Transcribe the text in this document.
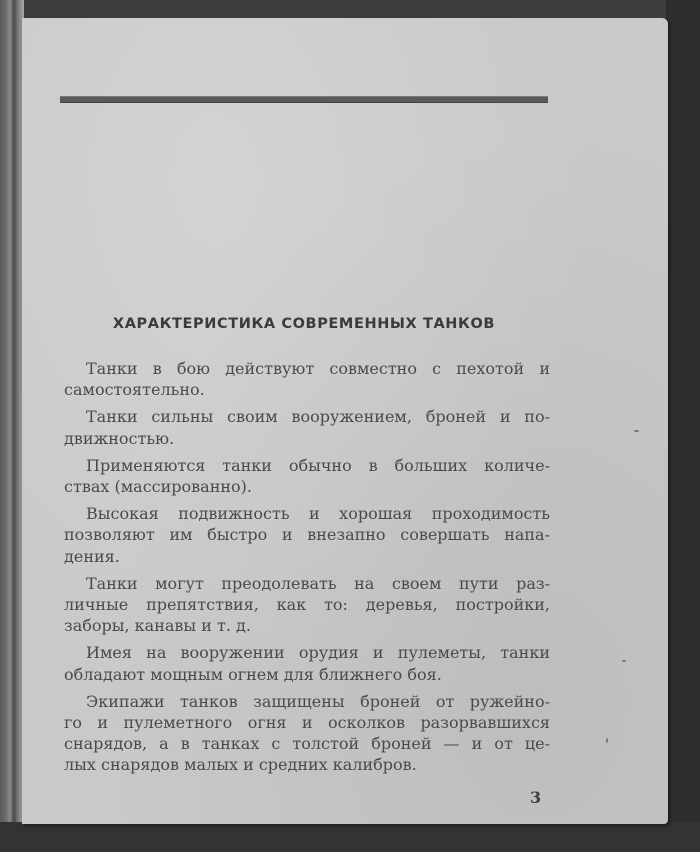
ХАРАКТЕРИСТИКА СОВРЕМЕННЫХ ТАНКОВ

Танки в бою действуют совместно с пехотой и
самостоятельно.

Танки сильны своим вооружением, броней и по-
движностью.

Применяются танки обычно в больших количе-
ствах (массированно).

Высокая подвижность и хорошая проходимость
позволяют им быстро и внезапно совершать напа-
дения.

Танки могут преодолевать на своем пути раз-
личные препятствия, как то: деревья, постройки,
заборы, канавы и т. д.

Имея на вооружении орудия и пулеметы, танки
обладают мощным огнем для ближнего боя.

Экипажи танков защищены броней от ружейно-
го и пулеметного огня и осколков разорвавшихся
снарядов, а в танках с толстой броней — и от це-
лых снарядов малых и средних калибров.

3
